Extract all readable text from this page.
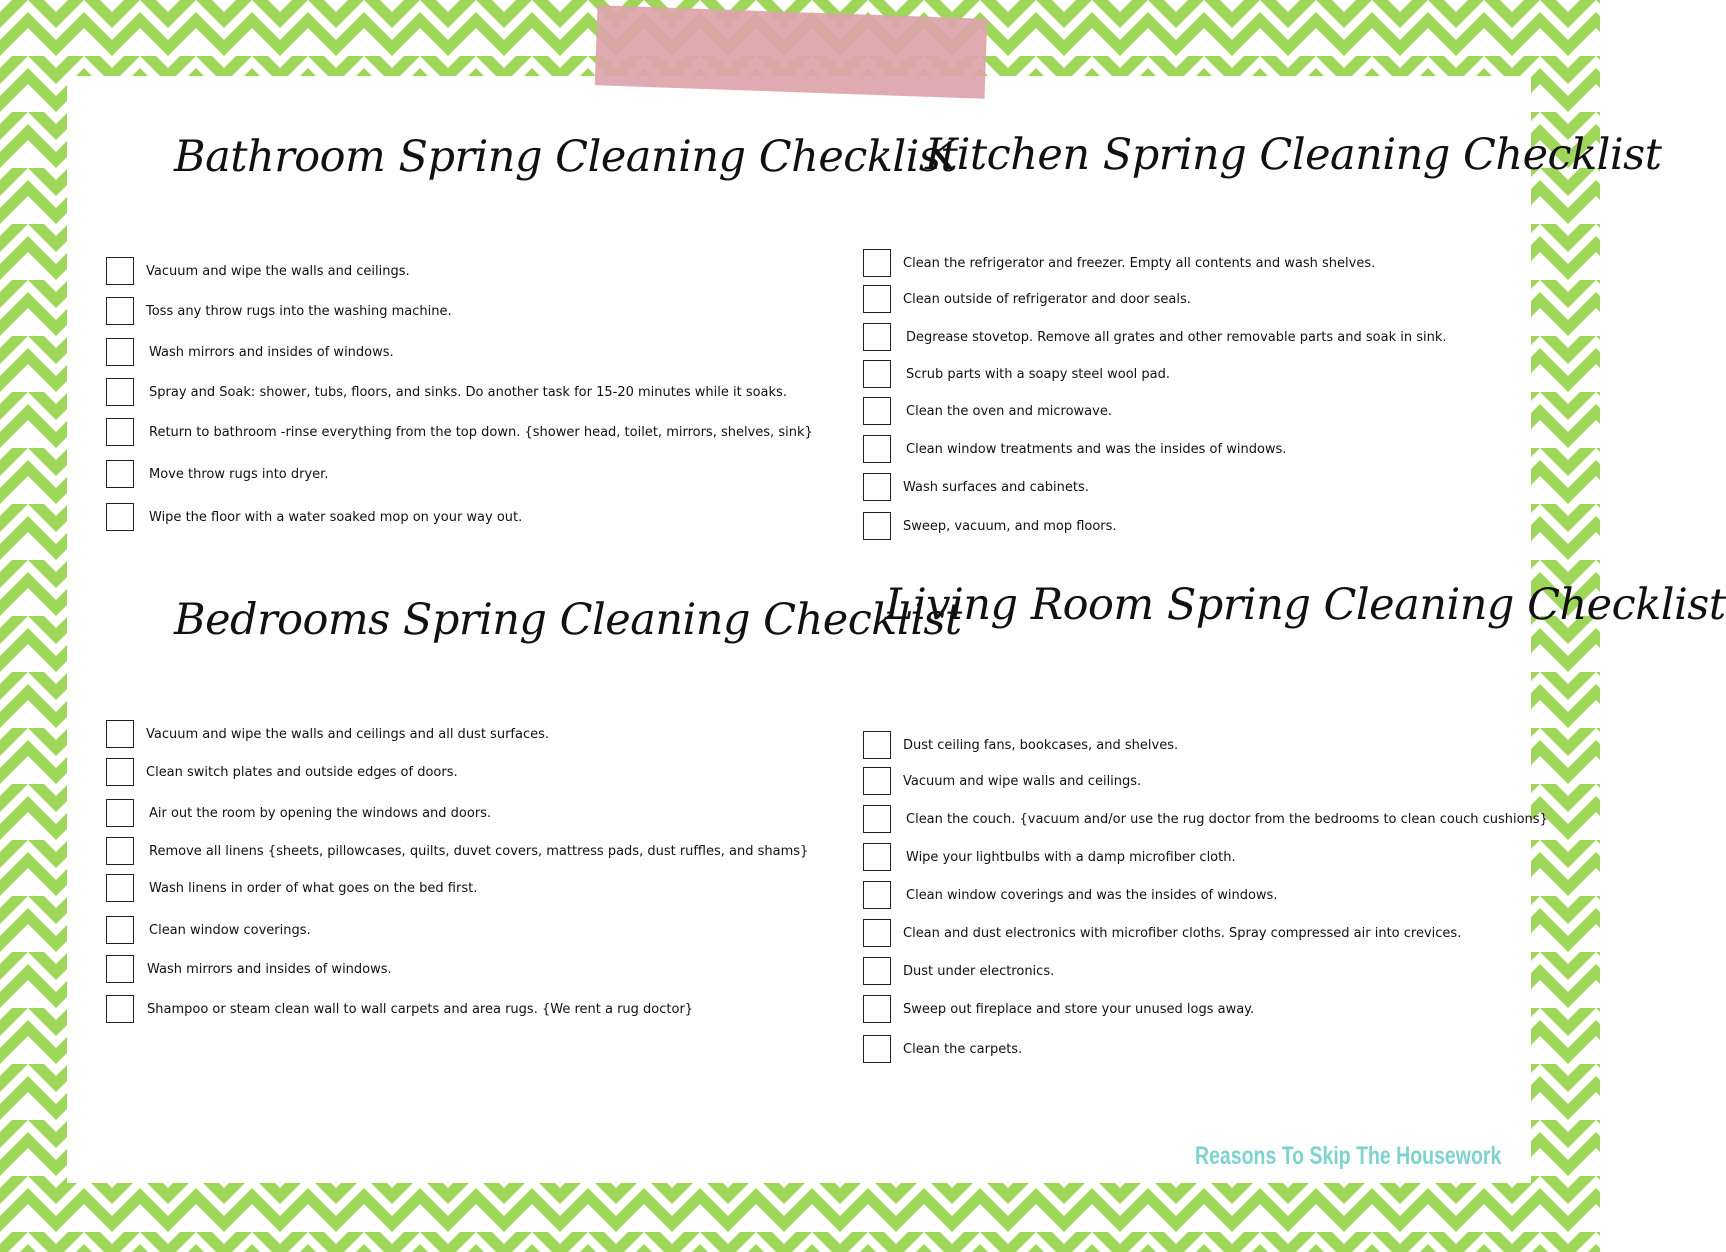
Bathroom Spring Cleaning Checklist
Vacuum and wipe the walls and ceilings.
Toss any throw rugs into the washing machine.
Wash mirrors and insides of windows.
Spray and Soak: shower, tubs, floors, and sinks. Do another task for 15-20 minutes while it soaks.
Return to bathroom -rinse everything from the top down. {shower head, toilet, mirrors, shelves, sink}
Move throw rugs into dryer.
Wipe the floor with a water soaked mop on your way out.
Kitchen Spring Cleaning Checklist
Clean the refrigerator and freezer. Empty all contents and wash shelves.
Clean outside of refrigerator and door seals.
Degrease stovetop. Remove all grates and other removable parts and soak in sink.
Scrub parts with a soapy steel wool pad.
Clean the oven and microwave.
Clean window treatments and was the insides of windows.
Wash surfaces and cabinets.
Sweep, vacuum, and mop floors.
Bedrooms Spring Cleaning Checklist
Vacuum and wipe the walls and ceilings and all dust surfaces.
Clean switch plates and outside edges of doors.
Air out the room by opening the windows and doors.
Remove all linens {sheets, pillowcases, quilts, duvet covers, mattress pads, dust ruffles, and shams}
Wash linens in order of what goes on the bed first.
Clean window coverings.
Wash mirrors and insides of windows.
Shampoo or steam clean wall to wall carpets and area rugs. {We rent a rug doctor}
Living Room Spring Cleaning Checklist
Dust ceiling fans, bookcases, and shelves.
Vacuum and wipe walls and ceilings.
Clean the couch. {vacuum and/or use the rug doctor from the bedrooms to clean couch cushions}
Wipe your lightbulbs with a damp microfiber cloth.
Clean window coverings and was the insides of windows.
Clean and dust electronics with microfiber cloths. Spray compressed air into crevices.
Dust under electronics.
Sweep out fireplace and store your unused logs away.
Clean the carpets.
Reasons To Skip The Housework
